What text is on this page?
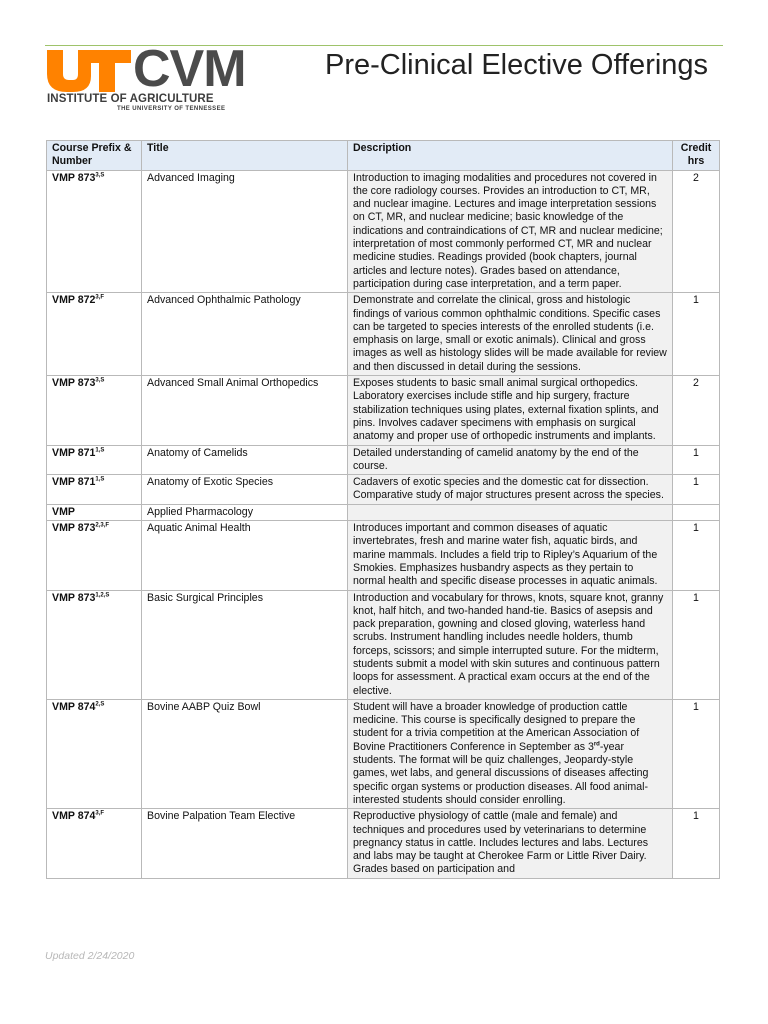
CVM
INSTITUTE OF AGRICULTURE
THE UNIVERSITY OF TENNESSEE
Pre-Clinical Elective Offerings
Course Prefix & Number	Title	Description	Credit hrs
VMP $873^{3,S}$	Advanced Imaging	Introduction to imaging modalities and procedures not covered in the core radiology courses. Provides an introduction to CT, MR, and nuclear imagine. Lectures and image interpretation sessions on CT, MR, and nuclear medicine; basic knowledge of the indications and contraindications of CT, MR and nuclear medicine; interpretation of most commonly performed CT, MR and nuclear medicine studies. Readings provided (book chapters, journal articles and lecture notes). Grades based on attendance, participation during case interpretation, and a term paper.	2
VMP $872^{3,F}$	Advanced Ophthalmic Pathology	Demonstrate and correlate the clinical, gross and histologic findings of various common ophthalmic conditions. Specific cases can be targeted to species interests of the enrolled students (i.e. emphasis on large, small or exotic animals). Clinical and gross images as well as histology slides will be made available for review and then discussed in detail during the sessions.	1
VMP $873^{3,S}$	Advanced Small Animal Orthopedics	Exposes students to basic small animal surgical orthopedics. Laboratory exercises include stifle and hip surgery, fracture stabilization techniques using plates, external fixation splints, and pins. Involves cadaver specimens with emphasis on surgical anatomy and proper use of orthopedic instruments and implants.	2
VMP $871^{1,S}$	Anatomy of Camelids	Detailed understanding of camelid anatomy by the end of the course.	1
VMP $871^{1,S}$	Anatomy of Exotic Species	Cadavers of exotic species and the domestic cat for dissection. Comparative study of major structures present across the species.	1
VMP	Applied Pharmacology		
VMP $873^{2,3,F}$	Aquatic Animal Health	Introduces important and common diseases of aquatic invertebrates, fresh and marine water fish, aquatic birds, and marine mammals. Includes a field trip to Ripley’s Aquarium of the Smokies. Emphasizes husbandry aspects as they pertain to normal health and specific disease processes in aquatic animals.	1
VMP $873^{1,2,S}$	Basic Surgical Principles	Introduction and vocabulary for throws, knots, square knot, granny knot, half hitch, and two-handed hand-tie. Basics of asepsis and pack preparation, gowning and closed gloving, waterless hand scrubs. Instrument handling includes needle holders, thumb forceps, scissors; and simple interrupted suture. For the midterm, students submit a model with skin sutures and continuous pattern loops for assessment. A practical exam occurs at the end of the elective.	1
VMP $874^{2,S}$	Bovine AABP Quiz Bowl	Student will have a broader knowledge of production cattle medicine. This course is specifically designed to prepare the student for a trivia competition at the American Association of Bovine Practitioners Conference in September as 3rd-year students. The format will be quiz challenges, Jeopardy-style games, wet labs, and general discussions of diseases affecting specific organ systems or production diseases. All food animal-interested students should consider enrolling.	1
VMP $874^{3,F}$	Bovine Palpation Team Elective	Reproductive physiology of cattle (male and female) and techniques and procedures used by veterinarians to determine pregnancy status in cattle. Includes lectures and labs. Lectures and labs may be taught at Cherokee Farm or Little River Dairy. Grades based on participation and	1
Updated 2/24/2020
